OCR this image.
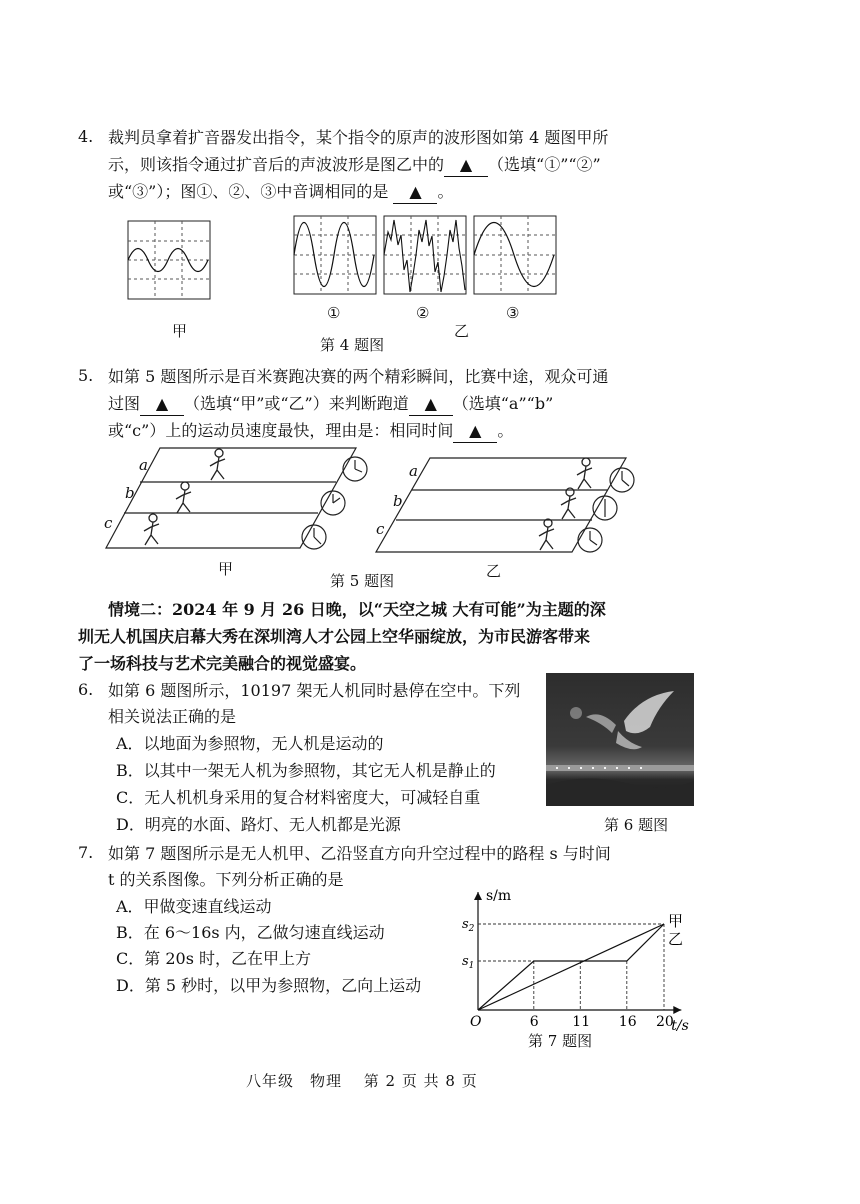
4. 裁判员拿着扩音器发出指令，某个指令的原声的波形图如第 4 题图甲所
示，则该指令通过扩音后的声波波形是图乙中的 ▲ （选填“①”“②”
或“③”）；图①、②、③中音调相同的是 ▲ 。
甲
①	②	③
乙
第 4 题图
5. 如第 5 题图所示是百米赛跑决赛的两个精彩瞬间，比赛中途，观众可通
过图 ▲ （选填“甲”或“乙”）来判断跑道 ▲ （选填“a”“b”
或“c”）上的运动员速度最快，理由是：相同时间 ▲ 。
a
b
c
a
b
c
甲	乙
第 5 题图
情境二：2024 年 9 月 26 日晚，以“天空之城 大有可能”为主题的深
圳无人机国庆启幕大秀在深圳湾人才公园上空华丽绽放，为市民游客带来
了一场科技与艺术完美融合的视觉盛宴。
6. 如第 6 题图所示，10197 架无人机同时悬停在空中。下列
相关说法正确的是
A．以地面为参照物，无人机是运动的
B．以其中一架无人机为参照物，其它无人机是静止的
C．无人机机身采用的复合材料密度大，可减轻自重
D．明亮的水面、路灯、无人机都是光源	第 6 题图
7. 如第 7 题图所示是无人机甲、乙沿竖直方向升空过程中的路程 s 与时间
t 的关系图像。下列分析正确的是
A．甲做变速直线运动
B．在 6～16s 内，乙做匀速直线运动
C．第 20s 时，乙在甲上方
D．第 5 秒时，以甲为参照物，乙向上运动
s/m
t/s
O	6 11 16 20
$s_1$
$s_2$	甲
乙
第 7 题图
八年级　物理　 第 2 页 共 8 页
